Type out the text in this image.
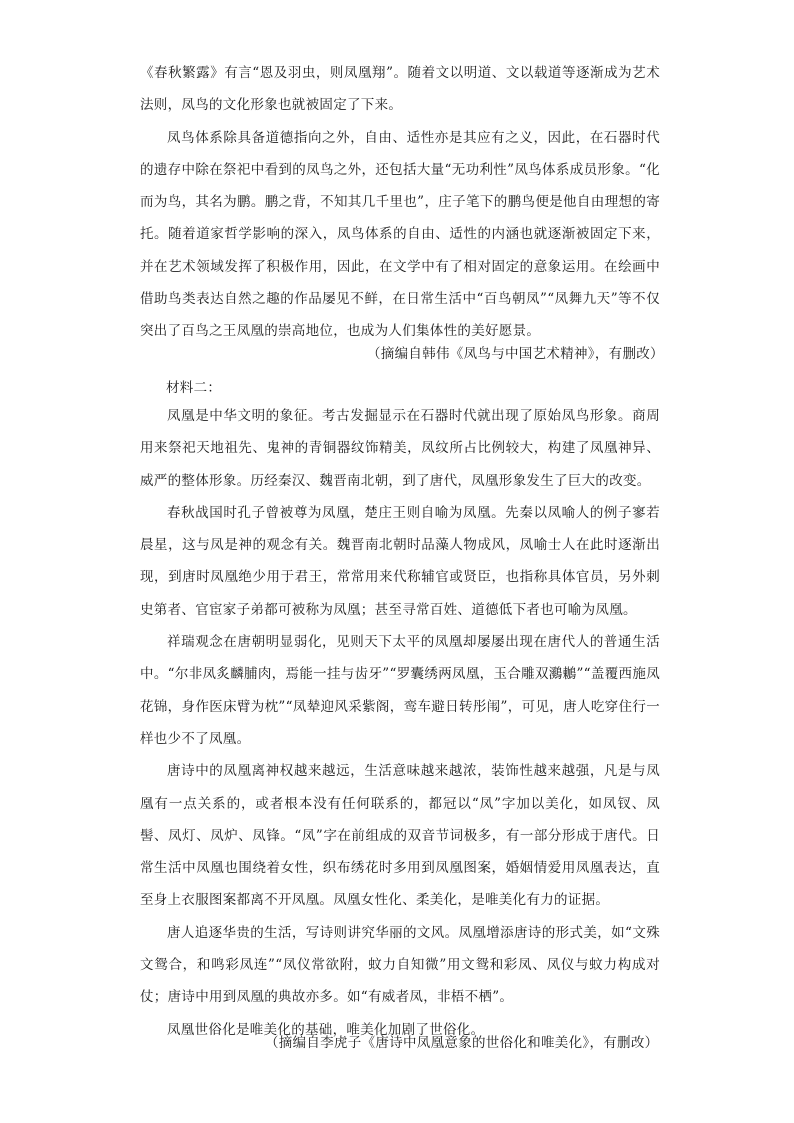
《春秋繁露》有言“恩及羽虫，则凤凰翔”。随着文以明道、文以载道等逐渐成为艺术法则，凤鸟的文化形象也就被固定了下来。

凤鸟体系除具备道德指向之外，自由、适性亦是其应有之义，因此，在石器时代的遗存中除在祭祀中看到的凤鸟之外，还包括大量“无功利性”凤鸟体系成员形象。“化而为鸟，其名为鹏。鹏之背，不知其几千里也”，庄子笔下的鹏鸟便是他自由理想的寄托。随着道家哲学影响的深入，凤鸟体系的自由、适性的内涵也就逐渐被固定下来，并在艺术领域发挥了积极作用，因此，在文学中有了相对固定的意象运用。在绘画中借助鸟类表达自然之趣的作品屡见不鲜，在日常生活中“百鸟朝凤”“凤舞九天”等不仅突出了百鸟之王凤凰的崇高地位，也成为人们集体性的美好愿景。

（摘编自韩伟《凤鸟与中国艺术精神》，有删改）
材料二：

凤凰是中华文明的象征。考古发掘显示在石器时代就出现了原始凤鸟形象。商周用来祭祀天地祖先、鬼神的青铜器纹饰精美，凤纹所占比例较大，构建了凤凰神异、威严的整体形象。历经秦汉、魏晋南北朝，到了唐代，凤凰形象发生了巨大的改变。

春秋战国时孔子曾被尊为凤凰，楚庄王则自喻为凤凰。先秦以凤喻人的例子寥若晨星，这与凤是神的观念有关。魏晋南北朝时品藻人物成风，凤喻士人在此时逐渐出现，到唐时凤凰绝少用于君王，常常用来代称辅官或贤臣，也指称具体官员，另外刺史第者、官宦家子弟都可被称为凤凰；甚至寻常百姓、道德低下者也可喻为凤凰。

祥瑞观念在唐朝明显弱化，见则天下太平的凤凰却屡屡出现在唐代人的普通生活中。“尔非凤炙麟脯肉，焉能一挂与齿牙”“罗囊绣两凤凰，玉合雕双鸂鶒”“盖覆西施凤花锦，身作医床臂为枕”“凤辇迎风采紫阁，鸾车避日转彤闱”，可见，唐人吃穿住行一样也少不了凤凰。

唐诗中的凤凰离神权越来越远，生活意味越来越浓，装饰性越来越强，凡是与凤凰有一点关系的，或者根本没有任何联系的，都冠以“凤”字加以美化，如凤钗、凤髻、凤灯、凤炉、凤锋。“凤”字在前组成的双音节词极多，有一部分形成于唐代。日常生活中凤凰也围绕着女性，织布绣花时多用到凤凰图案，婚姻情爱用凤凰表达，直至身上衣服图案都离不开凤凰。凤凰女性化、柔美化，是唯美化有力的证据。

唐人追逐华贵的生活，写诗则讲究华丽的文风。凤凰增添唐诗的形式美，如“文殊文鸳合，和鸣彩凤连”“凤仪常欲附，蚊力自知微”用文鸳和彩凤、凤仪与蚊力构成对仗；唐诗中用到凤凰的典故亦多。如“有威者凤，非梧不栖”。

凤凰世俗化是唯美化的基础，唯美化加剧了世俗化。

（摘编自李虎子《唐诗中凤凰意象的世俗化和唯美化》，有删改）
